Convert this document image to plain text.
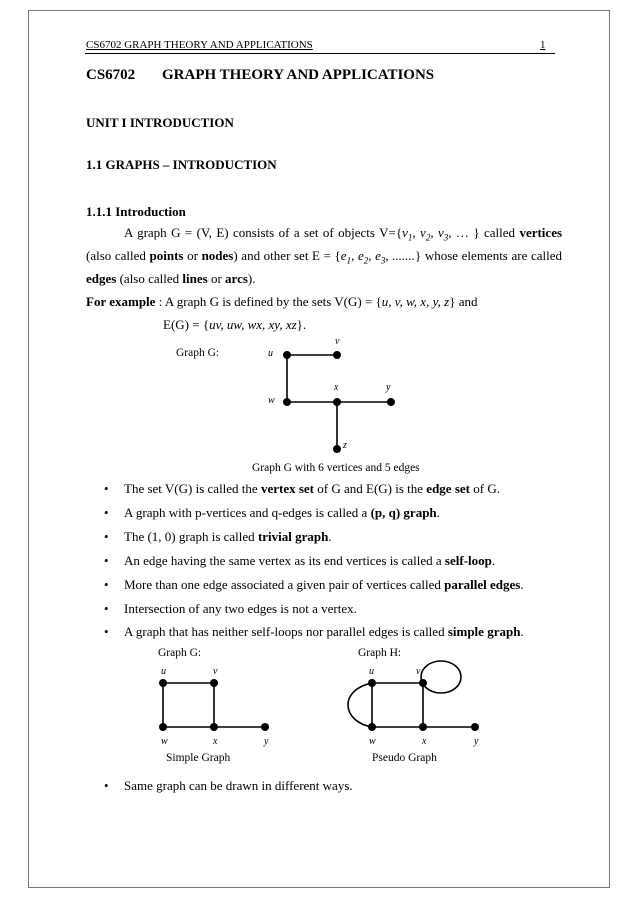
CS6702 GRAPH THEORY AND APPLICATIONS	1
CS6702 GRAPH THEORY AND APPLICATIONS
UNIT I INTRODUCTION
1.1 GRAPHS – INTRODUCTION
1.1.1 Introduction
A graph G = (V, E) consists of a set of objects $V=\{v_1$, $v_2$, $v_3$, … } called vertices
(also called points or nodes) and other set $E = \{e_1$, $e_2$, $e_3$, .......} whose elements are called
edges (also called lines or arcs).
For example : A graph G is defined by the sets V(G) = {u, v, w, x, y, z} and
E(G) = {uv, uw, wx, xy, xz}.
Graph G:	u
v
w
x	y
z
Graph G with 6 vertices and 5 edges
• The set V(G) is called the vertex set of G and E(G) is the edge set of G.
• A graph with p-vertices and q-edges is called a (p, q) graph.
• The (1, 0) graph is called trivial graph.
• An edge having the same vertex as its end vertices is called a self-loop.
• More than one edge associated a given pair of vertices called parallel edges.
• Intersection of any two edges is not a vertex.
• A graph that has neither self-loops nor parallel edges is called simple graph.
Graph G:
u	v
w	x	y
Simple Graph
Graph H:
u	v
w	x	y
Pseudo Graph
• Same graph can be drawn in different ways.
